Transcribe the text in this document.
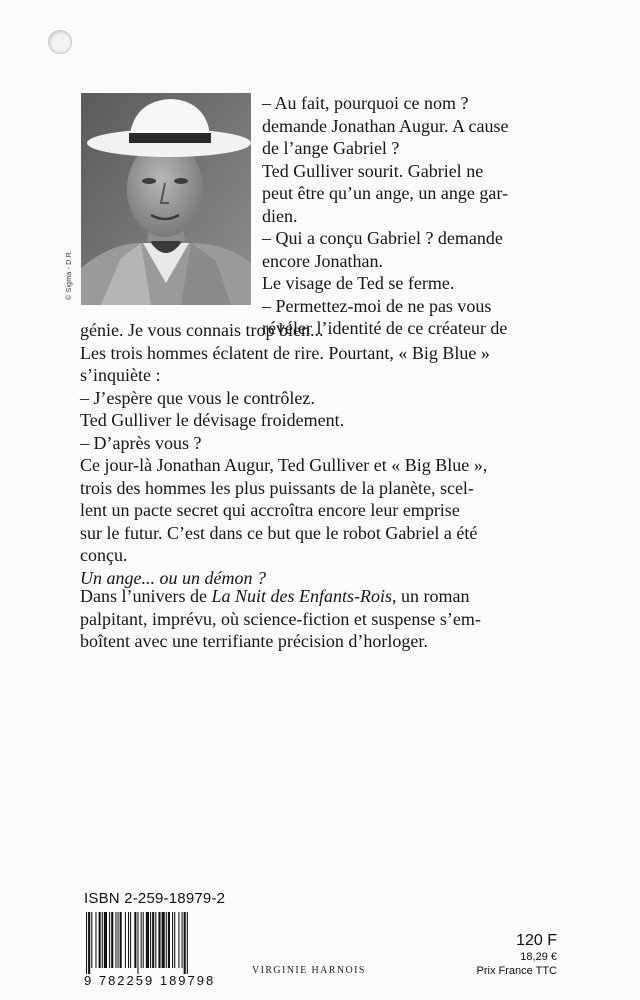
© Sigma - D.R.

– Au fait, pourquoi ce nom ?

demande Jonathan Augur. A cause

de l’ange Gabriel ?

Ted Gulliver sourit. Gabriel ne

peut être qu’un ange, un ange gar-

dien.

– Qui a conçu Gabriel ? demande

encore Jonathan.

Le visage de Ted se ferme.

– Permettez-moi de ne pas vous

révéler l’identité de ce créateur de

génie. Je vous connais trop bien...

Les trois hommes éclatent de rire. Pourtant, « Big Blue »

s’inquiète :

– J’espère que vous le contrôlez.

Ted Gulliver le dévisage froidement.

– D’après vous ?

Ce jour-là Jonathan Augur, Ted Gulliver et « Big Blue »,

trois des hommes les plus puissants de la planète, scel-

lent un pacte secret qui accroîtra encore leur emprise

sur le futur. C’est dans ce but que le robot Gabriel a été

conçu.

Un ange... ou un démon ?

Dans l’univers de La Nuit des Enfants-Rois, un roman

palpitant, imprévu, où science-fiction et suspense s’em-

boîtent avec une terrifiante précision d’horloger.

ISBN 2-259-18979-2
9 782259 189798
VIRGINIE HARNOIS
120 F
18,29 €
Prix France TTC
